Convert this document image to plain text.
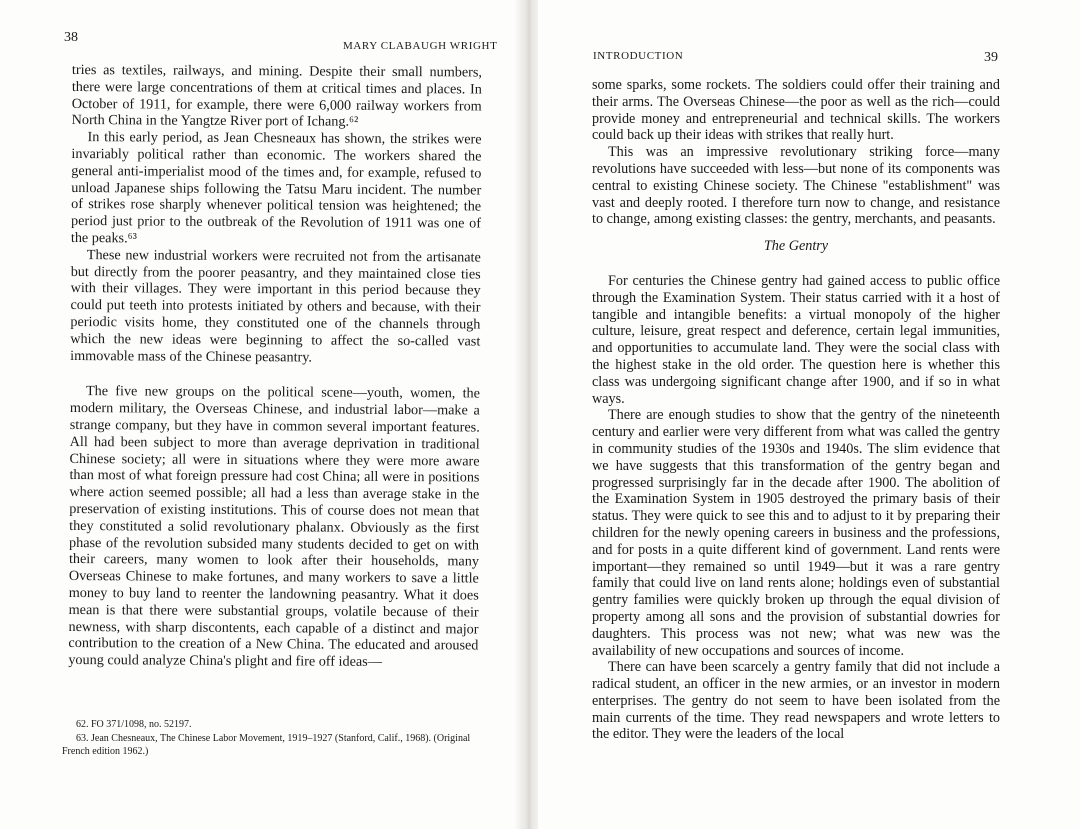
38
MARY CLABAUGH WRIGHT
INTRODUCTION	39

tries as textiles, railways, and mining. Despite their small numbers, there were large concentrations of them at critical times and places. In October of 1911, for example, there were 6,000 railway workers from North China in the Yangtze River port of Ichang.⁶²

In this early period, as Jean Chesneaux has shown, the strikes were invariably political rather than economic. The workers shared the general anti-imperialist mood of the times and, for example, refused to unload Japanese ships following the Tatsu Maru incident. The number of strikes rose sharply whenever political tension was heightened; the period just prior to the outbreak of the Revolution of 1911 was one of the peaks.⁶³

These new industrial workers were recruited not from the artisanate but directly from the poorer peasantry, and they maintained close ties with their villages. They were important in this period because they could put teeth into protests initiated by others and because, with their periodic visits home, they constituted one of the channels through which the new ideas were beginning to affect the so-called vast immovable mass of the Chinese peasantry.

The five new groups on the political scene—youth, women, the modern military, the Overseas Chinese, and industrial labor—make a strange company, but they have in common several important features. All had been subject to more than average deprivation in traditional Chinese society; all were in situations where they were more aware than most of what foreign pressure had cost China; all were in positions where action seemed possible; all had a less than average stake in the preservation of existing institutions. This of course does not mean that they constituted a solid revolutionary phalanx. Obviously as the first phase of the revolution subsided many students decided to get on with their careers, many women to look after their households, many Overseas Chinese to make fortunes, and many workers to save a little money to buy land to reenter the landowning peasantry. What it does mean is that there were substantial groups, volatile because of their newness, with sharp discontents, each capable of a distinct and major contribution to the creation of a New China. The educated and aroused young could analyze China's plight and fire off ideas—

62. FO 371/1098, no. 52197.

63. Jean Chesneaux, The Chinese Labor Movement, 1919–1927 (Stanford, Calif., 1968). (Original French edition 1962.)

some sparks, some rockets. The soldiers could offer their training and their arms. The Overseas Chinese—the poor as well as the rich—could provide money and entrepreneurial and technical skills. The workers could back up their ideas with strikes that really hurt.

This was an impressive revolutionary striking force—many revolutions have succeeded with less—but none of its components was central to existing Chinese society. The Chinese "establishment" was vast and deeply rooted. I therefore turn now to change, and resistance to change, among existing classes: the gentry, merchants, and peasants.

The Gentry

For centuries the Chinese gentry had gained access to public office through the Examination System. Their status carried with it a host of tangible and intangible benefits: a virtual monopoly of the higher culture, leisure, great respect and deference, certain legal immunities, and opportunities to accumulate land. They were the social class with the highest stake in the old order. The question here is whether this class was undergoing significant change after 1900, and if so in what ways.

There are enough studies to show that the gentry of the nineteenth century and earlier were very different from what was called the gentry in community studies of the 1930s and 1940s. The slim evidence that we have suggests that this transformation of the gentry began and progressed surprisingly far in the decade after 1900. The abolition of the Examination System in 1905 destroyed the primary basis of their status. They were quick to see this and to adjust to it by preparing their children for the newly opening careers in business and the professions, and for posts in a quite different kind of government. Land rents were important—they remained so until 1949—but it was a rare gentry family that could live on land rents alone; holdings even of substantial gentry families were quickly broken up through the equal division of property among all sons and the provision of substantial dowries for daughters. This process was not new; what was new was the availability of new occupations and sources of income.

There can have been scarcely a gentry family that did not include a radical student, an officer in the new armies, or an investor in modern enterprises. The gentry do not seem to have been isolated from the main currents of the time. They read newspapers and wrote letters to the editor. They were the leaders of the local
